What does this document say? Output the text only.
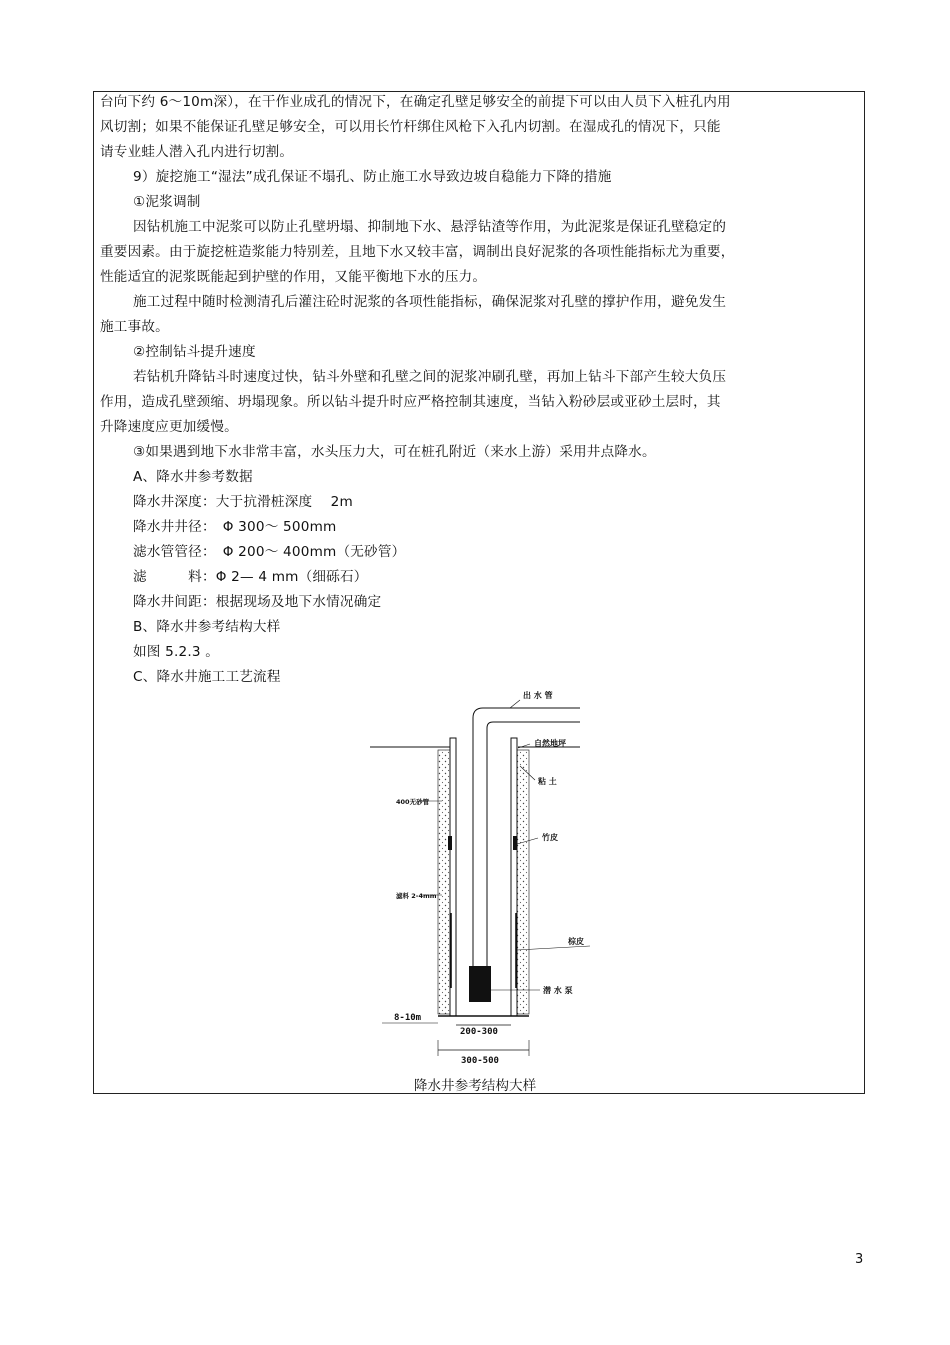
台向下约 6～10m深），在干作业成孔的情况下，在确定孔壁足够安全的前提下可以由人员下入桩孔内用
风切割；如果不能保证孔壁足够安全，可以用长竹杆绑住风枪下入孔内切割。在湿成孔的情况下，只能
请专业蛙人潜入孔内进行切割。
9）旋挖施工“湿法”成孔保证不塌孔、防止施工水导致边坡自稳能力下降的措施
①泥浆调制
因钻机施工中泥浆可以防止孔壁坍塌、抑制地下水、悬浮钻渣等作用，为此泥浆是保证孔壁稳定的
重要因素。由于旋挖桩造浆能力特别差，且地下水又较丰富，调制出良好泥浆的各项性能指标尤为重要，
性能适宜的泥浆既能起到护壁的作用，又能平衡地下水的压力。
施工过程中随时检测清孔后灌注砼时泥浆的各项性能指标，确保泥浆对孔壁的撑护作用，避免发生
施工事故。
②控制钻斗提升速度
若钻机升降钻斗时速度过快，钻斗外壁和孔壁之间的泥浆冲刷孔壁，再加上钻斗下部产生较大负压
作用，造成孔壁颈缩、坍塌现象。所以钻斗提升时应严格控制其速度，当钻入粉砂层或亚砂土层时，其
升降速度应更加缓慢。
③如果遇到地下水非常丰富，水头压力大，可在桩孔附近（来水上游）采用井点降水。
A、降水井参考数据
降水井深度：大于抗滑桩深度　 2m
降水井井径：　Φ 300～ 500mm
滤水管管径：　Φ 200～ 400mm（无砂管）
滤　　　料：Φ 2— 4 mm（细砾石）
降水井间距：根据现场及地下水情况确定
B、降水井参考结构大样
如图 5.2.3 。
C、降水井施工工艺流程
出 水 管
自然地坪
粘 土
竹皮
棕皮
潜 水 泵
400无砂管
滤料 2-4mm
8-10m
200-300
300-500
降水井参考结构大样
3
